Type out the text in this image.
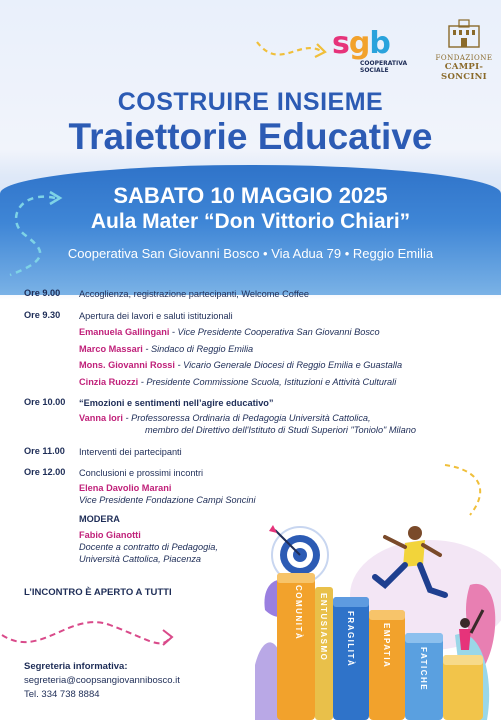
sgb
COOPERATIVA
SOCIALE
FONDAZIONE
CAMPI-SONCINI
COSTRUIRE INSIEME
Traiettorie Educative
SABATO 10 MAGGIO 2025
Aula Mater “Don Vittorio Chiari”
Cooperativa San Giovanni Bosco • Via Adua 79 • Reggio Emilia
Ore 9.00	Accoglienza, registrazione partecipanti, Welcome Coffee
Ore 9.30	Apertura dei lavori e saluti istituzionali
Emanuela Gallingani - Vice Presidente Cooperativa San Giovanni Bosco
Marco Massari - Sindaco di Reggio Emilia
Mons. Giovanni Rossi - Vicario Generale Diocesi di Reggio Emilia e Guastalla
Cinzia Ruozzi - Presidente Commissione Scuola, Istituzioni e Attività Culturali
Ore 10.00	“Emozioni e sentimenti nell’agire educativo”
Vanna Iori - Professoressa Ordinaria di Pedagogia Università Cattolica,
membro del Direttivo dell'Istituto di Studi Superiori "Toniolo" Milano
Ore 11.00	Interventi dei partecipanti
Ore 12.00	Conclusioni e prossimi incontri
Elena Davolio Marani
Vice Presidente Fondazione Campi Soncini
MODERA
Fabio Gianotti
Docente a contratto di Pedagogia,
Università Cattolica, Piacenza
L’INCONTRO È APERTO A TUTTI
Segreteria informativa:
segreteria@coopsangiovannibosco.it
Tel. 334 738 8884
COMUNITÀ ENTUSIASMO FRAGILITÀ	EMPATIA
FATICHE
